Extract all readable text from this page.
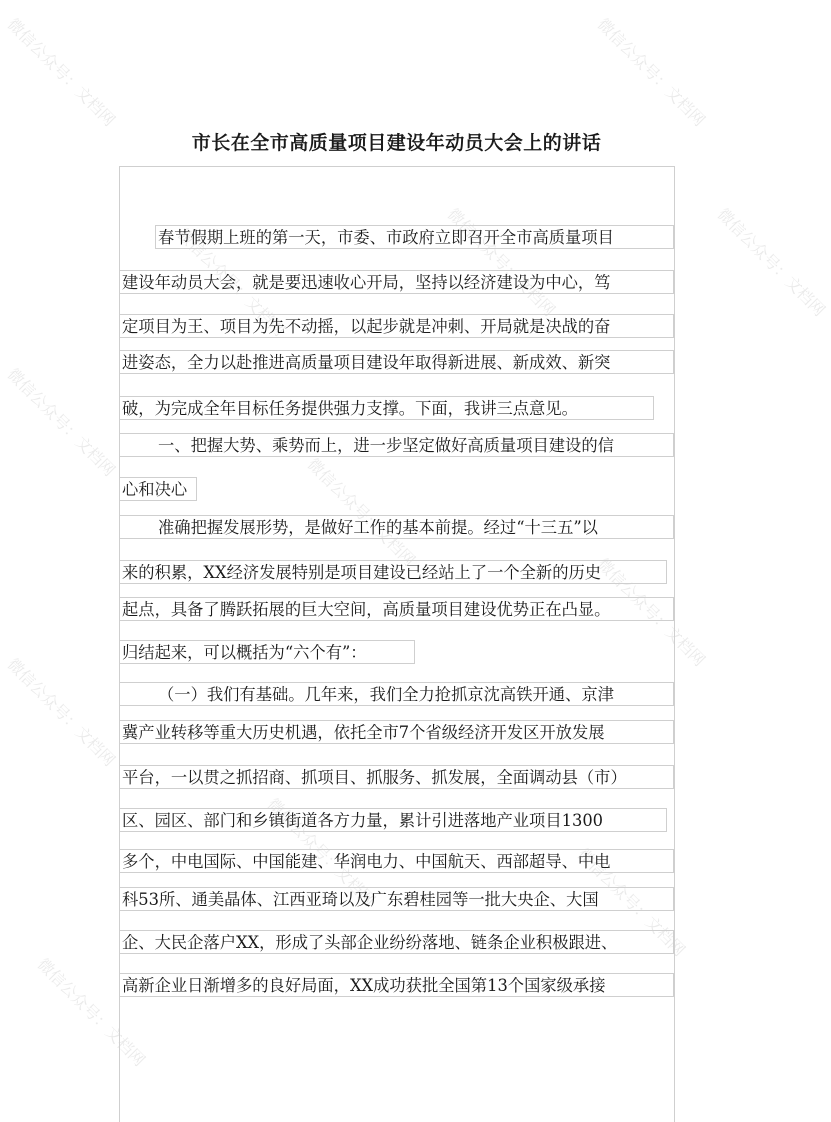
微信公众号：文档网	微信公众号：文档网
微信公众号：文档网	微信公众号：文档网	微信公众号：文档网
微信公众号：文档网
微信公众号：文档网
微信公众号：文档网
微信公众号：文档网
微信公众号：文档网	微信公众号：文档网
微信公众号：文档网
市长在全市高质量项目建设年动员大会上的讲话
春节假期上班的第一天，市委、市政府立即召开全市高质量项目
建设年动员大会，就是要迅速收心开局，坚持以经济建设为中心，笃
定项目为王、项目为先不动摇，以起步就是冲刺、开局就是决战的奋
进姿态，全力以赴推进高质量项目建设年取得新进展、新成效、新突
破，为完成全年目标任务提供强力支撑。下面，我讲三点意见。
一、把握大势、乘势而上，进一步坚定做好高质量项目建设的信
心和决心
准确把握发展形势，是做好工作的基本前提。经过“十三五”以
来的积累，XX经济发展特别是项目建设已经站上了一个全新的历史
起点，具备了腾跃拓展的巨大空间，高质量项目建设优势正在凸显。
归结起来，可以概括为“六个有”：
（一）我们有基础。几年来，我们全力抢抓京沈高铁开通、京津
冀产业转移等重大历史机遇，依托全市7个省级经济开发区开放发展
平台，一以贯之抓招商、抓项目、抓服务、抓发展，全面调动县（市）
区、园区、部门和乡镇街道各方力量，累计引进落地产业项目1300
多个，中电国际、中国能建、华润电力、中国航天、西部超导、中电
科53所、通美晶体、江西亚琦以及广东碧桂园等一批大央企、大国
企、大民企落户XX，形成了头部企业纷纷落地、链条企业积极跟进、
高新企业日渐增多的良好局面，XX成功获批全国第13个国家级承接
